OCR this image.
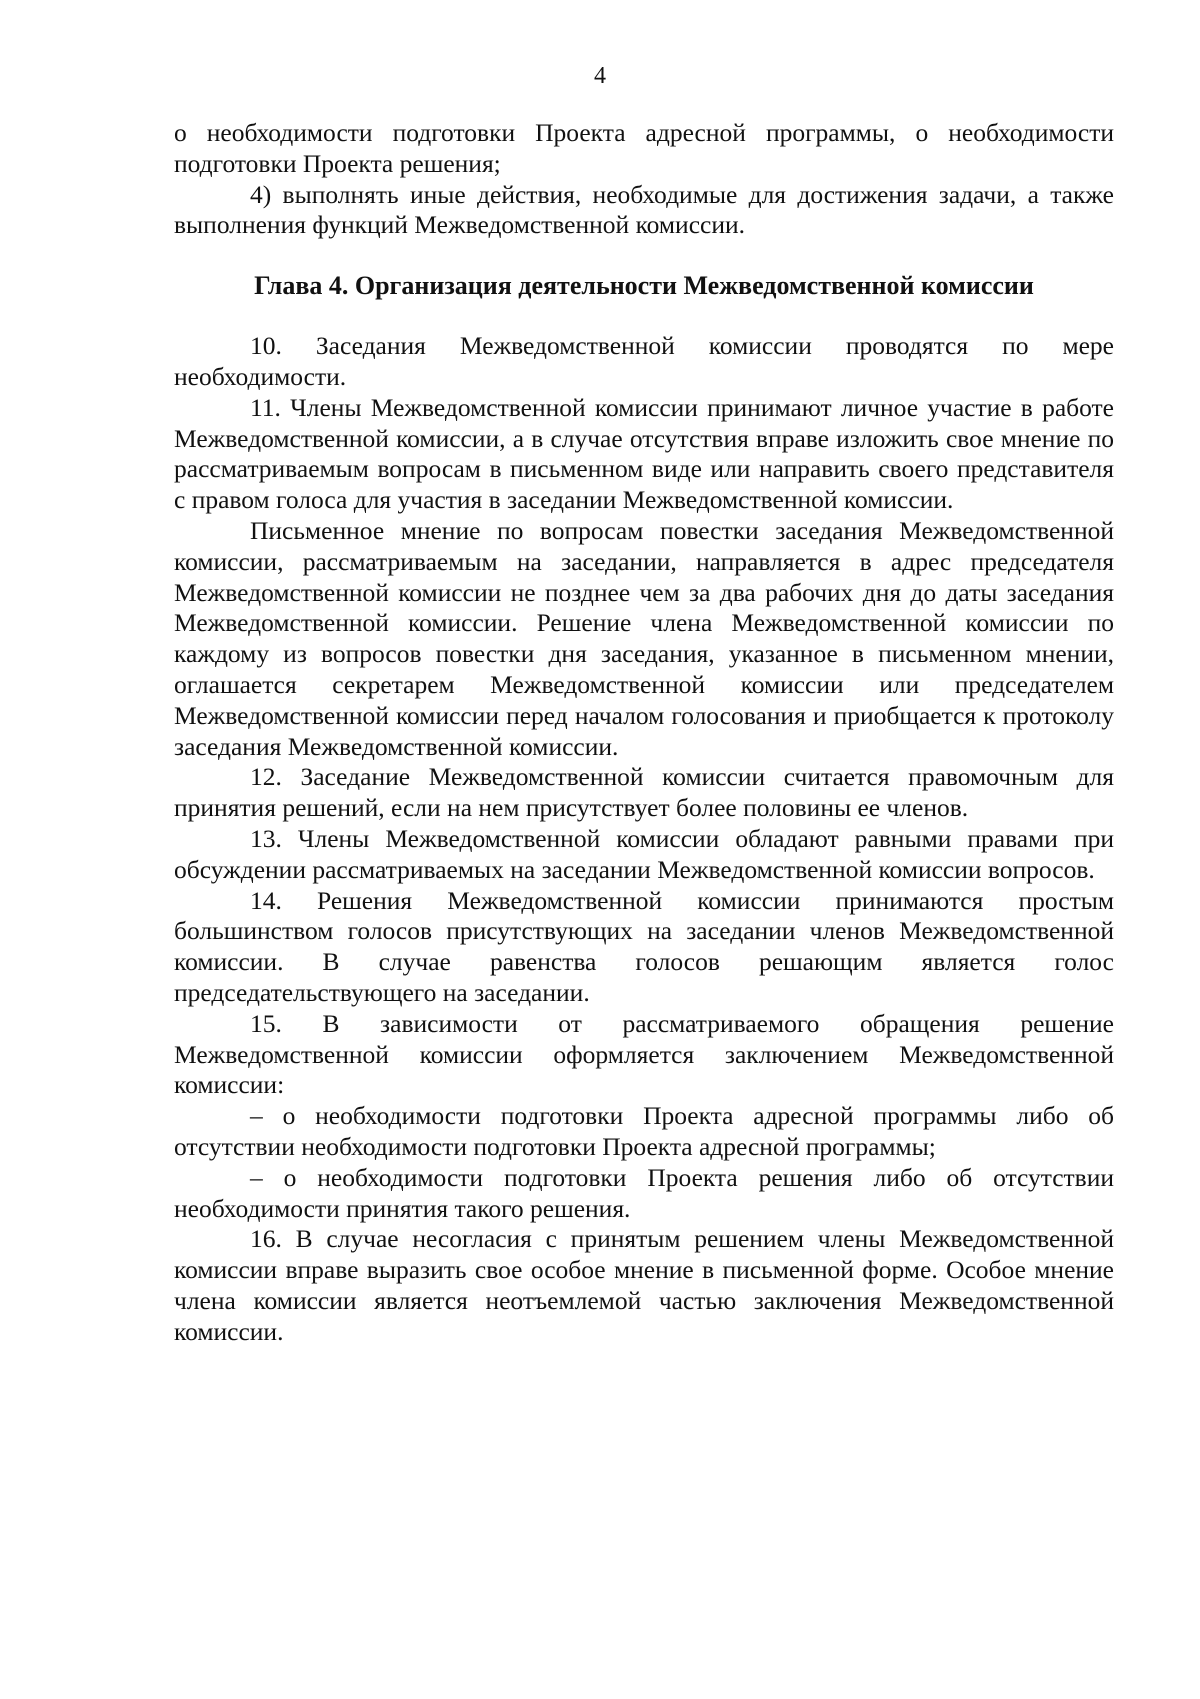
4

о необходимости подготовки Проекта адресной программы, о необходимости подготовки Проекта решения;

4) выполнять иные действия, необходимые для достижения задачи, а также выполнения функций Межведомственной комиссии.

Глава 4. Организация деятельности Межведомственной комиссии

10. Заседания Межведомственной комиссии проводятся по мере необходимости.

11. Члены Межведомственной комиссии принимают личное участие в работе Межведомственной комиссии, а в случае отсутствия вправе изложить свое мнение по рассматриваемым вопросам в письменном виде или направить своего представителя с правом голоса для участия в заседании Межведомственной комиссии.

Письменное мнение по вопросам повестки заседания Межведомственной комиссии, рассматриваемым на заседании, направляется в адрес председателя Межведомственной комиссии не позднее чем за два рабочих дня до даты заседания Межведомственной комиссии. Решение члена Межведомственной комиссии по каждому из вопросов повестки дня заседания, указанное в письменном мнении, оглашается секретарем Межведомственной комиссии или председателем Межведомственной комиссии перед началом голосования и приобщается к протоколу заседания Межведомственной комиссии.

12. Заседание Межведомственной комиссии считается правомочным для принятия решений, если на нем присутствует более половины ее членов.

13. Члены Межведомственной комиссии обладают равными правами при обсуждении рассматриваемых на заседании Межведомственной комиссии вопросов.

14. Решения Межведомственной комиссии принимаются простым большинством голосов присутствующих на заседании членов Межведомственной комиссии. В случае равенства голосов решающим является голос председательствующего на заседании.

15. В зависимости от рассматриваемого обращения решение Межведомственной комиссии оформляется заключением Межведомственной комиссии:

– о необходимости подготовки Проекта адресной программы либо об отсутствии необходимости подготовки Проекта адресной программы;

– о необходимости подготовки Проекта решения либо об отсутствии необходимости принятия такого решения.

16. В случае несогласия с принятым решением члены Межведомственной комиссии вправе выразить свое особое мнение в письменной форме. Особое мнение члена комиссии является неотъемлемой частью заключения Межведомственной комиссии.
